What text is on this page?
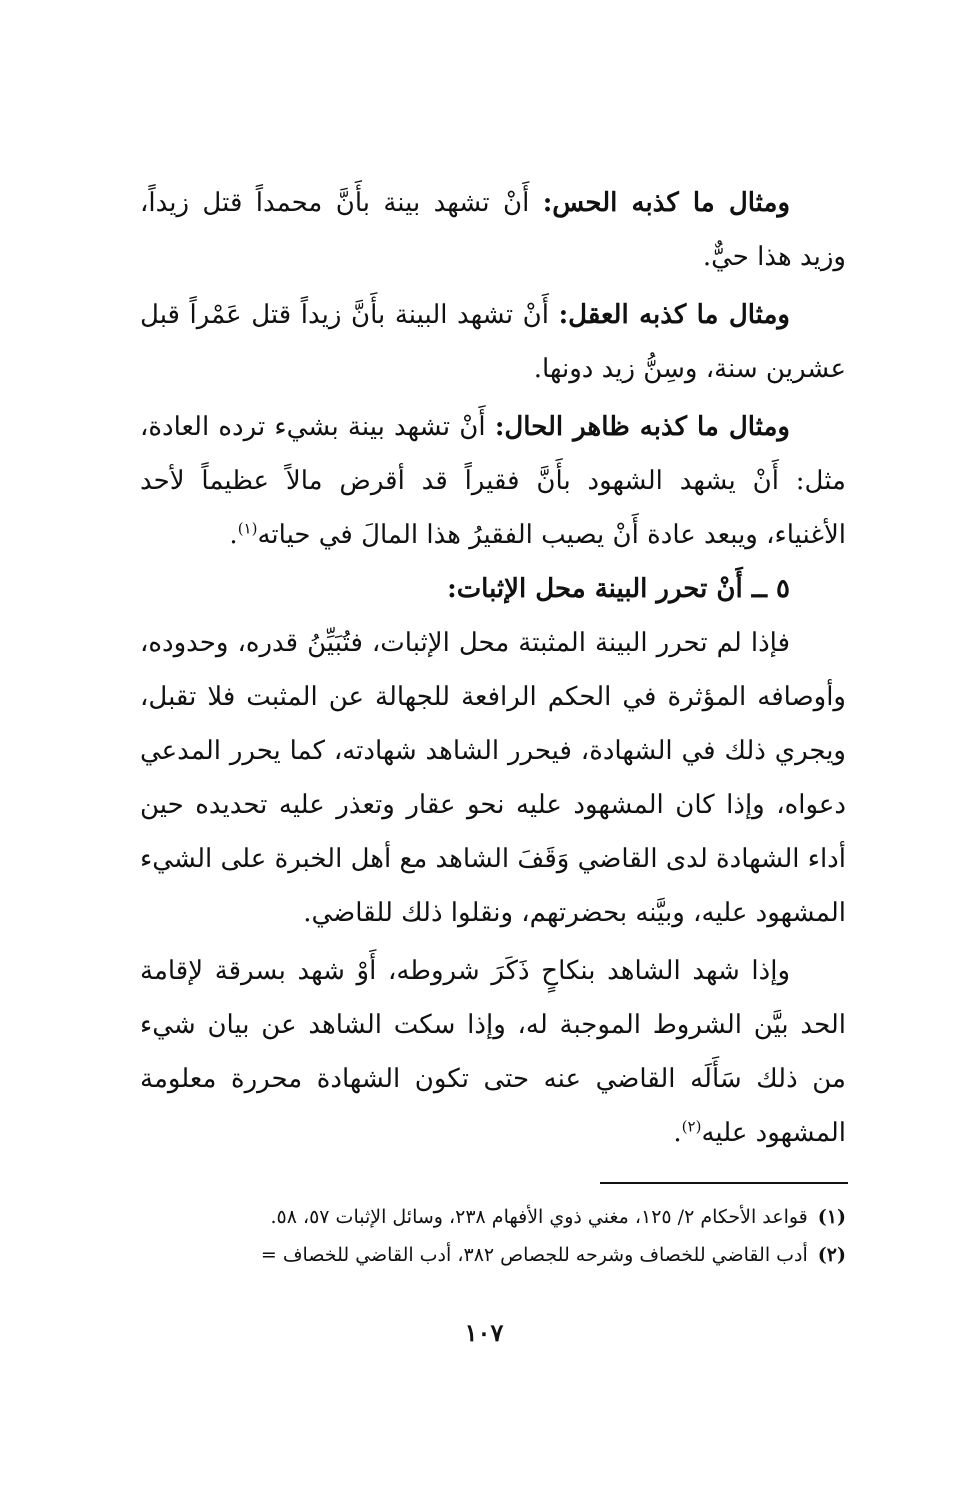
ومثال ما كذبه الحس: أَنْ تشهد بينة بأَنَّ محمداً قتل زيداً، وزيد هذا حيٌّ.

ومثال ما كذبه العقل: أَنْ تشهد البينة بأَنَّ زيداً قتل عَمْراً قبل عشرين سنة، وسِنُّ زيد دونها.

ومثال ما كذبه ظاهر الحال: أَنْ تشهد بينة بشيء ترده العادة، مثل: أَنْ يشهد الشهود بأَنَّ فقيراً قد أقرض مالاً عظيماً لأحد الأغنياء، ويبعد عادة أَنْ يصيب الفقيرُ هذا المالَ في حياته$^{(١)}$.

٥ ــ أَنْ تحرر البينة محل الإثبات:

فإذا لم تحرر البينة المثبتة محل الإثبات، فتُبَيِّنُ قدره، وحدوده، وأوصافه المؤثرة في الحكم الرافعة للجهالة عن المثبت فلا تقبل، ويجري ذلك في الشهادة، فيحرر الشاهد شهادته، كما يحرر المدعي دعواه، وإذا كان المشهود عليه نحو عقار وتعذر عليه تحديده حين أداء الشهادة لدى القاضي وَقَفَ الشاهد مع أهل الخبرة على الشيء المشهود عليه، وبيَّنه بحضرتهم، ونقلوا ذلك للقاضي.

وإذا شهد الشاهد بنكاحٍ ذَكَرَ شروطه، أَوْ شهد بسرقة لإقامة الحد بيَّن الشروط الموجبة له، وإذا سكت الشاهد عن بيان شيء من ذلك سَأَلَه القاضي عنه حتى تكون الشهادة محررة معلومة المشهود عليه$^{(٢)}$.

(١)قواعد الأحكام ٢/ ١٢٥، مغني ذوي الأفهام ٢٣٨، وسائل الإثبات ٥٧، ٥٨.

(٢)أدب القاضي للخصاف وشرحه للجصاص ٣٨٢، أدب القاضي للخصاف =

١٠٧
